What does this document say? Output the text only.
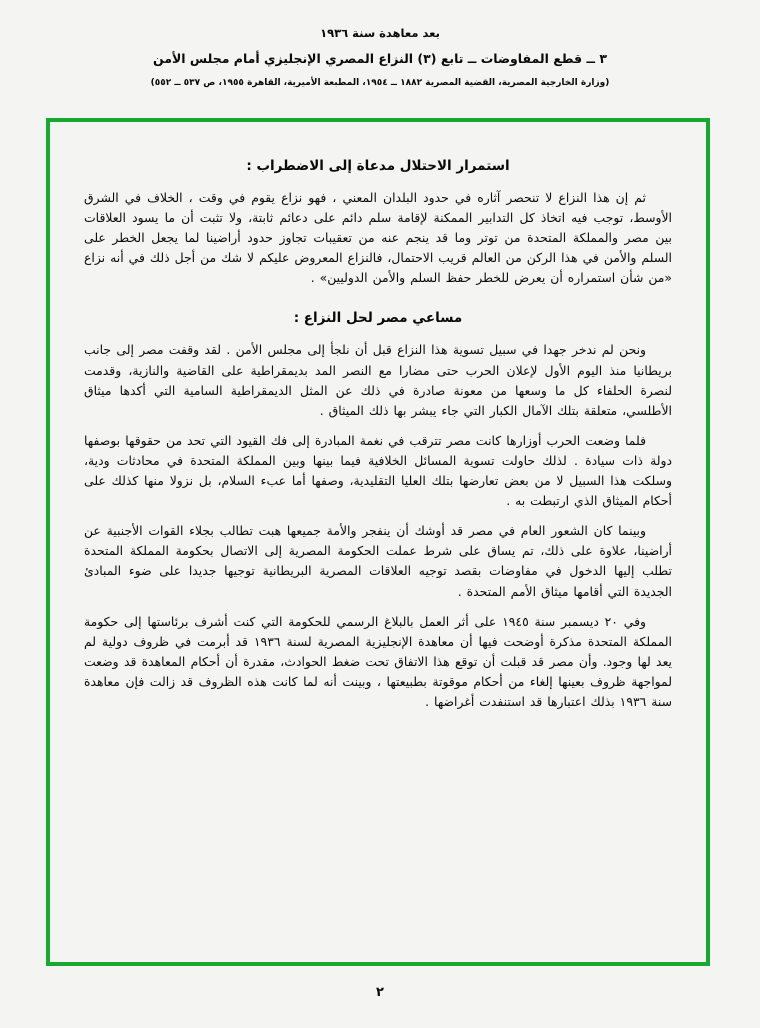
بعد معاهدة سنة ١٩٣٦
٣ ــ قطع المفاوضات ــ تابع (٣) النزاع المصري الإنجليزي أمام مجلس الأمن
(وزارة الخارجية المصرية، القضية المصرية ١٨٨٢ ــ ١٩٥٤، المطبعة الأميرية، القاهرة ١٩٥٥، ص ٥٣٧ ــ ٥٥٢)
استمرار الاحتلال مدعاة إلى الاضطراب :

ثم إن هذا النزاع لا تنحصر آثاره في حدود البلدان المعني ، فهو نزاع يقوم في وقت ، الخلاف في الشرق الأوسط، توجب فيه اتخاذ كل التدابير الممكنة لإقامة سلم دائم على دعائم ثابتة، ولا تثبت أن ما يسود العلاقات بين مصر والمملكة المتحدة من توتر وما قد ينجم عنه من تعقيبات تجاوز حدود أراضينا لما يجعل الخطر على السلم والأمن في هذا الركن من العالم قريب الاحتمال، فالنزاع المعروض عليكم لا شك من أجل ذلك في أنه نزاع «من شأن استمراره أن يعرض للخطر حفظ السلم والأمن الدوليين» .

مساعي مصر لحل النزاع :

ونحن لم ندخر جهدا في سبيل تسوية هذا النزاع قبل أن نلجأ إلى مجلس الأمن . لقد وقفت مصر إلى جانب بريطانيا منذ اليوم الأول لإعلان الحرب حتى مضارا مع النصر المد بديمقراطية على القاضية والنازية، وقدمت لنصرة الحلفاء كل ما وسعها من معونة صادرة في ذلك عن المثل الديمقراطية السامية التي أكدها ميثاق الأطلسي، متعلقة بتلك الآمال الكبار التي جاء يبشر بها ذلك الميثاق .

فلما وضعت الحرب أوزارها كانت مصر تترقب في نغمة المبادرة إلى فك القيود التي تحد من حقوقها بوصفها دولة ذات سيادة . لذلك حاولت تسوية المسائل الخلافية فيما بينها وبين المملكة المتحدة في محادثات ودية، وسلكت هذا السبيل لا من بعض تعارضها بتلك العليا التقليدية، وصفها أما عبء السلام، بل نزولا منها كذلك على أحكام الميثاق الذي ارتبطت به .

وبينما كان الشعور العام في مصر قد أوشك أن ينفجر والأمة جميعها هبت تطالب بجلاء القوات الأجنبية عن أراضينا، علاوة على ذلك، تم يساق على شرط عملت الحكومة المصرية إلى الاتصال بحكومة المملكة المتحدة تطلب إليها الدخول في مفاوضات بقصد توجيه العلاقات المصرية البريطانية توجيها جديدا على ضوء المبادئ الجديدة التي أقامها ميثاق الأمم المتحدة .

وفي ٢٠ ديسمبر سنة ١٩٤٥ على أثر العمل بالبلاغ الرسمي للحكومة التي كنت أشرف برئاستها إلى حكومة المملكة المتحدة مذكرة أوضحت فيها أن معاهدة الإنجليزية المصرية لسنة ١٩٣٦ قد أبرمت في ظروف دولية لم يعد لها وجود. وأن مصر قد قبلت أن توقع هذا الاتفاق تحت ضغط الحوادث، مقدرة أن أحكام المعاهدة قد وضعت لمواجهة ظروف بعينها إلغاء من أحكام موقوتة بطبيعتها ، وبينت أنه لما كانت هذه الظروف قد زالت فإن معاهدة سنة ١٩٣٦ بذلك اعتبارها قد استنفدت أغراضها .

٢
